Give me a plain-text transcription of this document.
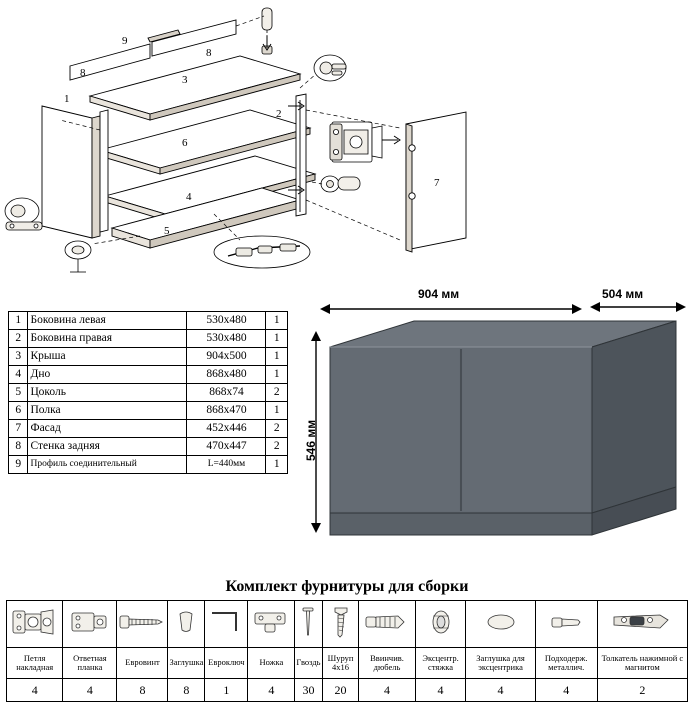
1
2
3
4
5
6
7
8
8
9
1	Боковина левая	530х480	1
2	Боковина правая	530х480	1
3	Крыша	904х500	1
4	Дно	868х480	1
5	Цоколь	868х74	2
6	Полка	868х470	1
7	Фасад	452х446	2
8	Стенка задняя	470х447	2
9	Профиль соединительный	L=440мм	1
904 мм	504 мм
546 мм
Комплект фурнитуры для сборки

Петля накладная	Ответная планка	Евровинт	Заглушка	Евроключ	Ножка	Гвоздь	Шуруп 4х16	Ввинчив. дюбель	Эксцентр. стяжка	Заглушка для эксцентрика	Подходерж. металлич.	Толкатель нажимной с магнитом
4	4	8	8	1	4	30	20	4	4	4	4	2
